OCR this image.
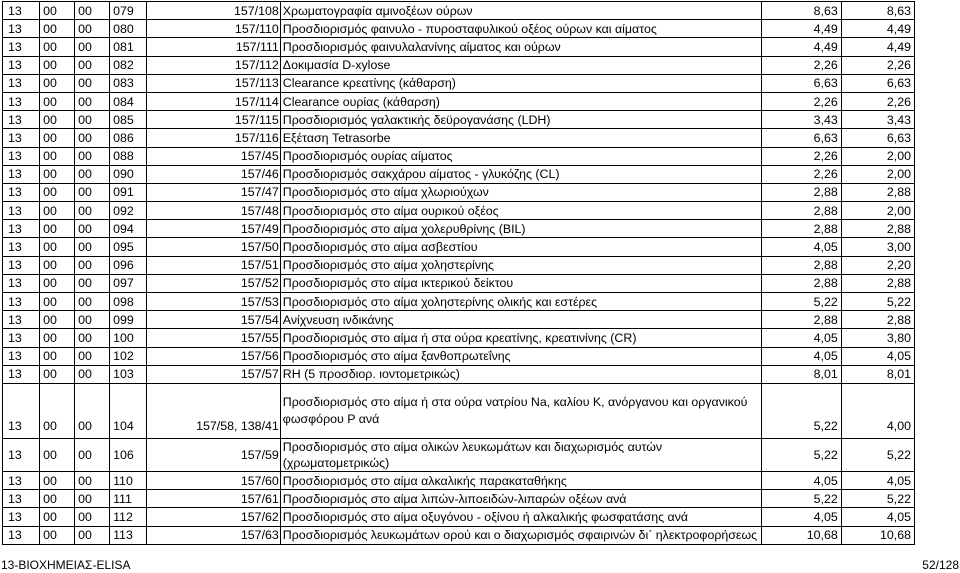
13	00	00	079	157/108	Χρωματογραφία αμινοξέων ούρων	8,63	8,63
13	00	00	080	157/110	Προσδιορισμός φαινυλο - πυροσταφυλικού οξέος ούρων και αίματος	4,49	4,49
13	00	00	081	157/111	Προσδιορισμός φαινυλαλανίνης αίματος και ούρων	4,49	4,49
13	00	00	082	157/112	Δοκιμασία D-xylose	2,26	2,26
13	00	00	083	157/113	Clearance κρεατίνης (κάθαρση)	6,63	6,63
13	00	00	084	157/114	Clearance ουρίας (κάθαρση)	2,26	2,26
13	00	00	085	157/115	Προσδιορισμός γαλακτικής δεϋρογανάσης (LDH)	3,43	3,43
13	00	00	086	157/116	Εξέταση Tetrasorbe	6,63	6,63
13	00	00	088	157/45	Προσδιορισμός ουρίας αίματος	2,26	2,00
13	00	00	090	157/46	Προσδιορισμός σακχάρου αίματος - γλυκόζης (CL)	2,26	2,00
13	00	00	091	157/47	Προσδιορισμός στο αίμα χλωριούχων	2,88	2,88
13	00	00	092	157/48	Προσδιορισμός στο αίμα ουρικού οξέος	2,88	2,00
13	00	00	094	157/49	Προσδιορισμός στο αίμα χολερυθρίνης (BIL)	2,88	2,88
13	00	00	095	157/50	Προσδιορισμός στο αίμα ασβεστίου	4,05	3,00
13	00	00	096	157/51	Προσδιορισμός στο αίμα χοληστερίνης	2,88	2,20
13	00	00	097	157/52	Προσδιορισμός στο αίμα ικτερικού δείκτου	2,88	2,88
13	00	00	098	157/53	Προσδιορισμός στο αίμα χοληστερίνης ολικής και εστέρες	5,22	5,22
13	00	00	099	157/54	Ανίχνευση ινδικάνης	2,88	2,88
13	00	00	100	157/55	Προσδιορισμός στο αίμα ή στα ούρα κρεατίνης, κρεατινίνης (CR)	4,05	3,80
13	00	00	102	157/56	Προσδιορισμός στο αίμα ξανθοπρωτεΐνης	4,05	4,05
13	00	00	103	157/57	RH (5 προσδιορ. ιοντομετρικώς)	8,01	8,01
13	00	00	104	157/58, 138/41	Προσδιορισμός στο αίμα ή στα ούρα νατρίου Na, καλίου K, ανόργανου και οργανικού φωσφόρου P ανά	5,22	4,00
13	00	00	106	157/59	Προσδιορισμός στο αίμα ολικών λευκωμάτων και διαχωρισμός αυτών (χρωματομετρικώς)	5,22	5,22
13	00	00	110	157/60	Προσδιορισμός στο αίμα αλκαλικής παρακαταθήκης	4,05	4,05
13	00	00	111	157/61	Προσδιορισμός στο αίμα λιπών-λιποειδών-λιπαρών οξέων ανά	5,22	5,22
13	00	00	112	157/62	Προσδιορισμός στο αίμα οξυγόνου - οξίνου ή αλκαλικής φωσφατάσης ανά	4,05	4,05
13	00	00	113	157/63	Προσδιορισμός λευκωμάτων ορού και ο διαχωρισμός σφαιρινών δι΄ ηλεκτροφορήσεως	10,68	10,68
13-ΒΙΟΧΗΜΕΙΑΣ-ELISA	52/128
